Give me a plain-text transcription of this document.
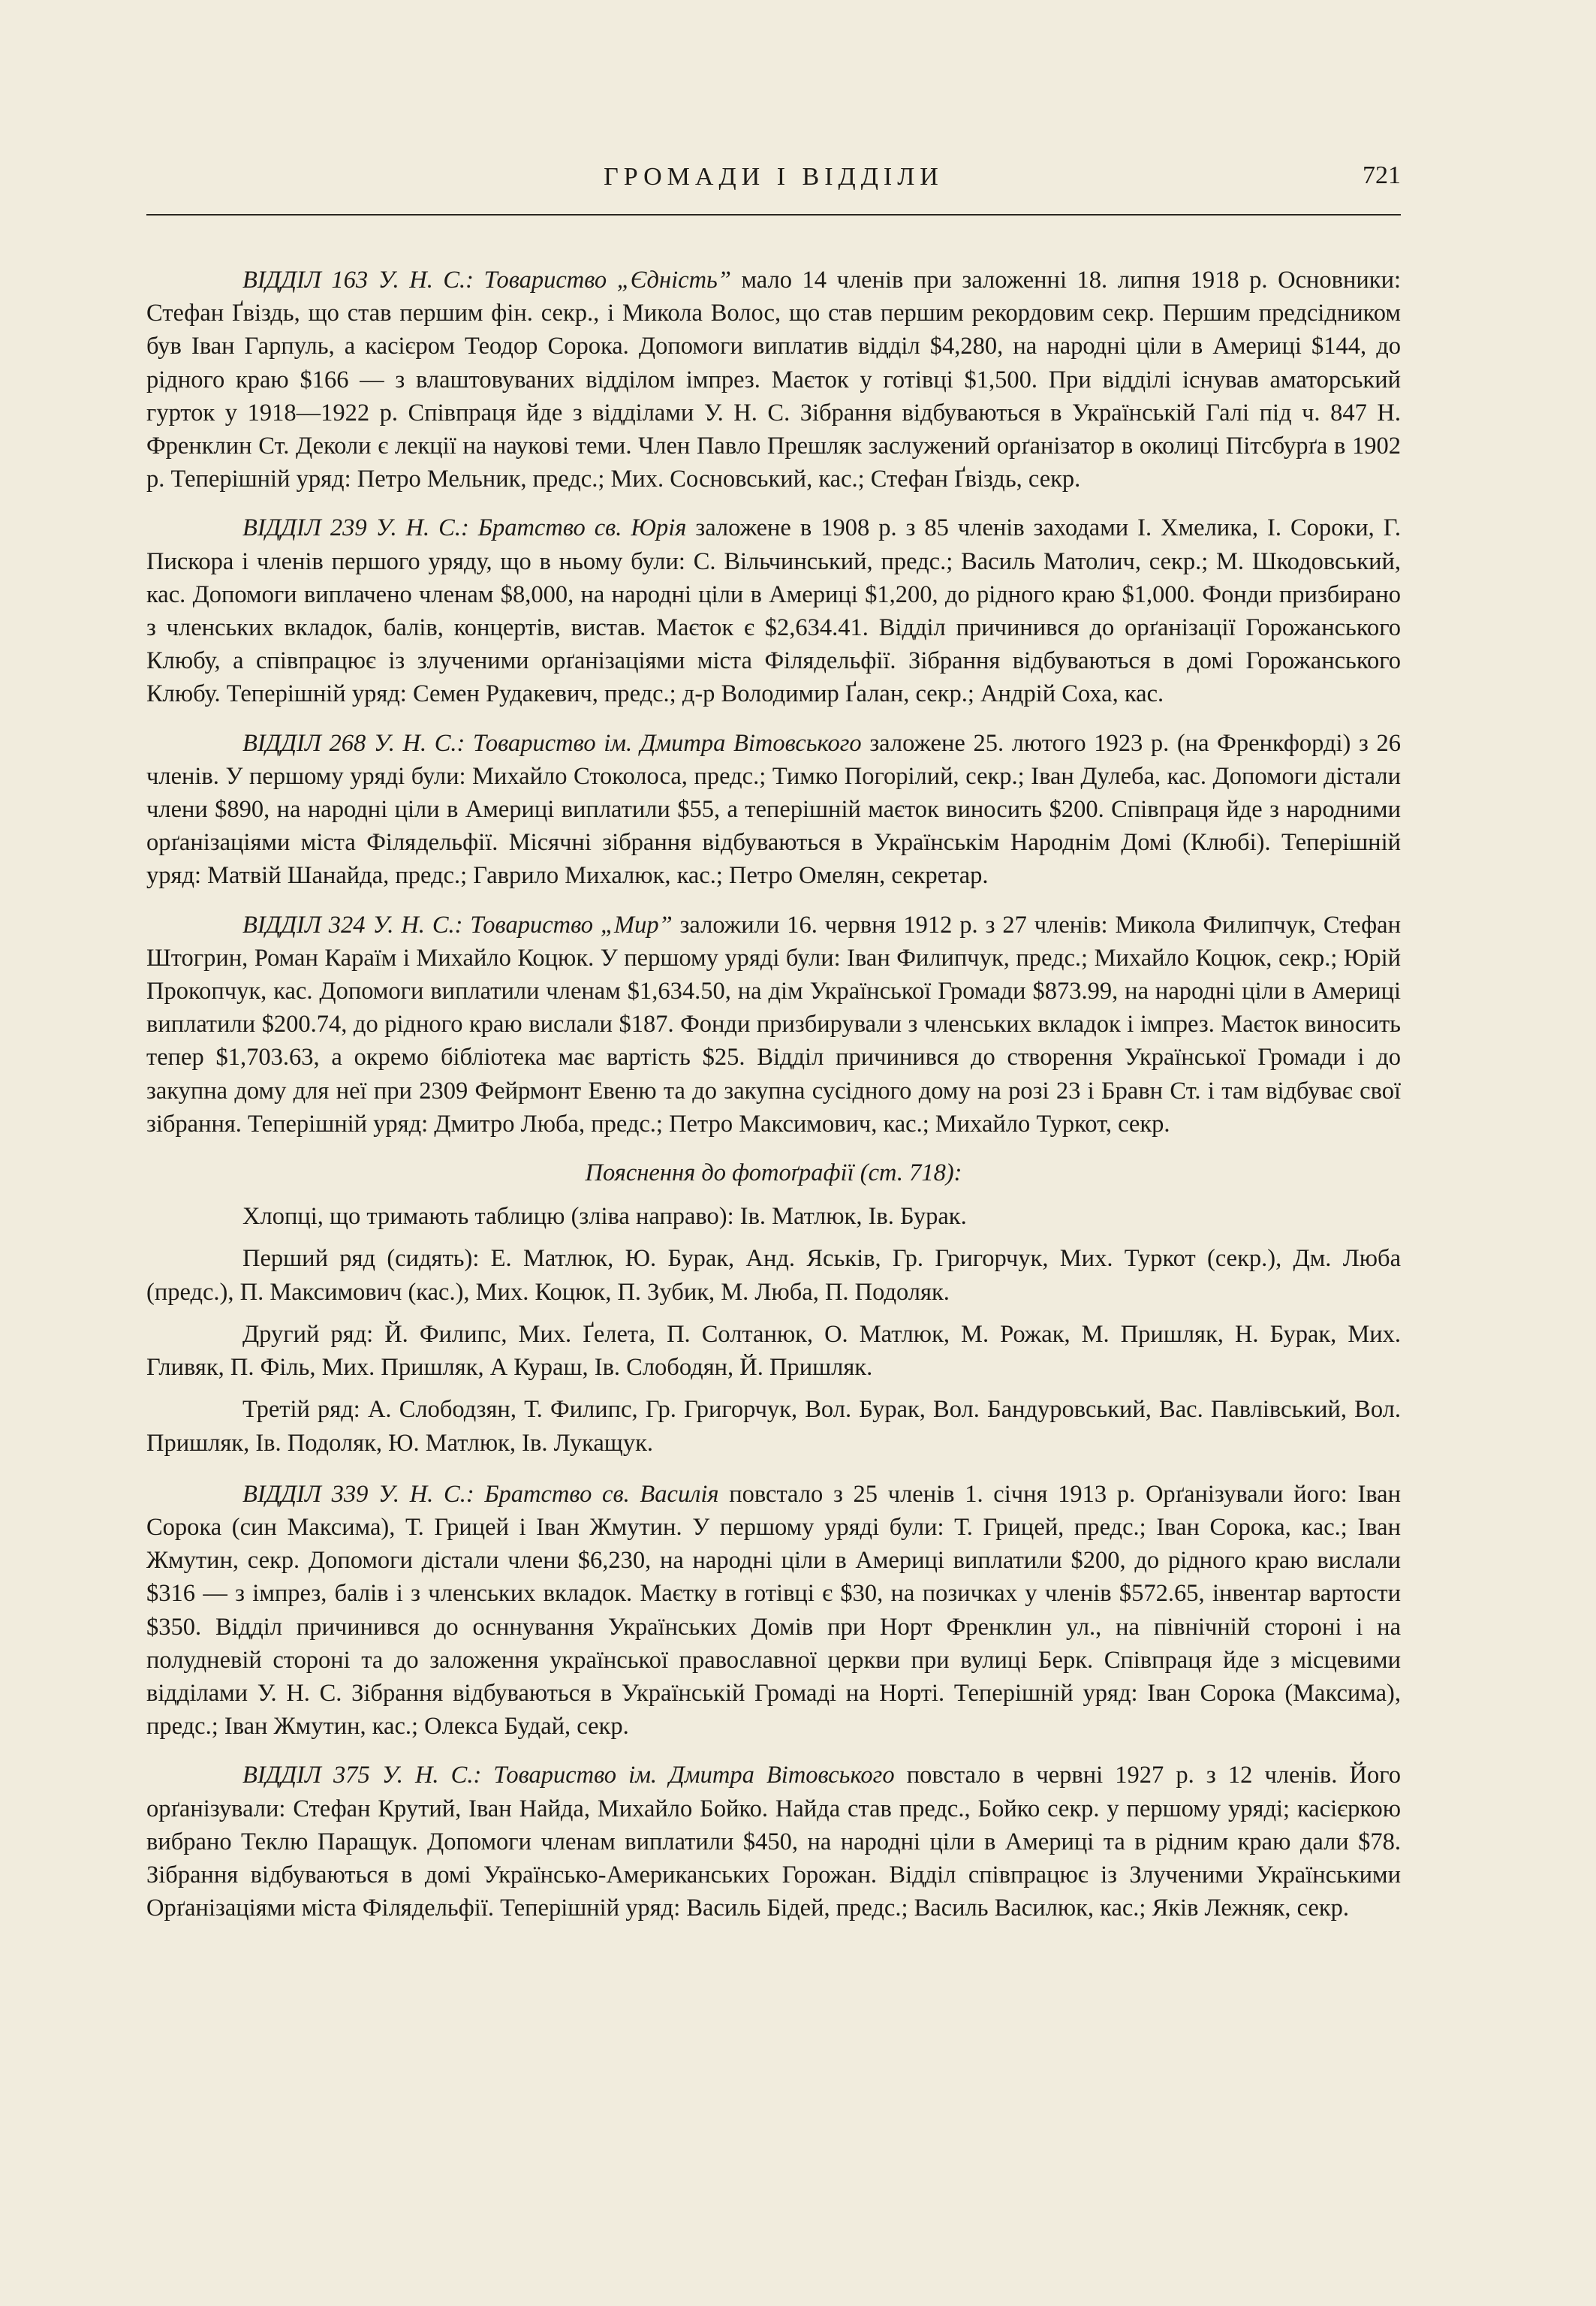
ГРОМАДИ І ВІДДІЛИ	721

ВІДДІЛ 163 У. Н. С.: Товариство „Єдність” мало 14 членів при заложенні 18. липня 1918 р. Основники: Стефан Ґвіздь, що став першим фін. секр., і Микола Волос, що став першим рекордовим секр. Першим предсідником був Іван Гарпуль, а касієром Теодор Сорока. Допомоги виплатив відділ $4,280, на народні ціли в Америці $144, до рідного краю $166 — з влаштовуваних відділом імпрез. Маєток у готівці $1,500. При відділі існував аматорський гурток у 1918—1922 р. Співпраця йде з відділами У. Н. С. Зібрання відбуваються в Українській Галі під ч. 847 Н. Френклин Ст. Деколи є лекції на наукові теми. Член Павло Прешляк заслужений орґанізатор в околиці Пітсбурґа в 1902 р. Теперішній уряд: Петро Мельник, предс.; Мих. Сосновський, кас.; Стефан Ґвіздь, секр.

ВІДДІЛ 239 У. Н. С.: Братство св. Юрія заложене в 1908 р. з 85 членів заходами І. Хмелика, І. Сороки, Г. Пискора і членів першого уряду, що в ньому були: С. Вільчинський, предс.; Василь Матолич, секр.; М. Шкодовський, кас. Допомоги виплачено членам $8,000, на народні ціли в Америці $1,200, до рідного краю $1,000. Фонди призбирано з членських вкладок, балів, концертів, вистав. Маєток є $2,634.41. Відділ причинився до орґанізації Горожанського Клюбу, а співпрацює із злученими орґанізаціями міста Філядельфії. Зібрання відбуваються в домі Горожанського Клюбу. Теперішній уряд: Семен Рудакевич, предс.; д-р Володимир Ґалан, секр.; Андрій Соха, кас.

ВІДДІЛ 268 У. Н. С.: Товариство ім. Дмитра Вітовського заложене 25. лютого 1923 р. (на Френкфорді) з 26 членів. У першому уряді були: Михайло Стоколоса, предс.; Тимко Погорілий, секр.; Іван Дулеба, кас. Допомоги дістали члени $890, на народні ціли в Америці виплатили $55, а теперішній маєток виносить $200. Співпраця йде з народними орґанізаціями міста Філядельфії. Місячні зібрання відбуваються в Українськім Народнім Домі (Клюбі). Теперішній уряд: Матвій Шанайда, предс.; Гаврило Михалюк, кас.; Петро Омелян, секретар.

ВІДДІЛ 324 У. Н. С.: Товариство „Мир” заложили 16. червня 1912 р. з 27 членів: Микола Филипчук, Стефан Штогрин, Роман Караїм і Михайло Коцюк. У першому уряді були: Іван Филипчук, предс.; Михайло Коцюк, секр.; Юрій Прокопчук, кас. Допомоги виплатили членам $1,634.50, на дім Української Громади $873.99, на народні ціли в Америці виплатили $200.74, до рідного краю вислали $187. Фонди призбирували з членських вкладок і імпрез. Маєток виносить тепер $1,703.63, а окремо бібліотека має вартість $25. Відділ причинився до створення Української Громади і до закупна дому для неї при 2309 Фейрмонт Евеню та до закупна сусідного дому на розі 23 і Бравн Ст. і там відбуває свої зібрання. Теперішній уряд: Дмитро Люба, предс.; Петро Максимович, кас.; Михайло Туркот, секр.

Пояснення до фотоґрафії (ст. 718):

Хлопці, що тримають таблицю (зліва направо): Ів. Матлюк, Ів. Бурак.

Перший ряд (сидять): Е. Матлюк, Ю. Бурак, Анд. Яськів, Гр. Григорчук, Мих. Туркот (секр.), Дм. Люба (предс.), П. Максимович (кас.), Мих. Коцюк, П. Зубик, М. Люба, П. Подоляк.

Другий ряд: Й. Филипс, Мих. Ґелета, П. Солтанюк, О. Матлюк, М. Рожак, М. Пришляк, Н. Бурак, Мих. Гливяк, П. Філь, Мих. Пришляк, А Кураш, Ів. Слободян, Й. Пришляк.

Третій ряд: А. Слободзян, Т. Филипс, Гр. Григорчук, Вол. Бурак, Вол. Бандуровський, Вас. Павлівський, Вол. Пришляк, Ів. Подоляк, Ю. Матлюк, Ів. Лукащук.

ВІДДІЛ 339 У. Н. С.: Братство св. Василія повстало з 25 членів 1. січня 1913 р. Орґанізували його: Іван Сорока (син Максима), Т. Грицей і Іван Жмутин. У першому уряді були: Т. Грицей, предс.; Іван Сорока, кас.; Іван Жмутин, секр. Допомоги дістали члени $6,230, на народні ціли в Америці виплатили $200, до рідного краю вислали $316 — з імпрез, балів і з членських вкладок. Маєтку в готівці є $30, на позичках у членів $572.65, інвентар вартости $350. Відділ причинився до осннування Українських Домів при Норт Френклин ул., на північній стороні і на полудневій стороні та до заложення української православної церкви при вулиці Берк. Співпраця йде з місцевими відділами У. Н. С. Зібрання відбуваються в Українській Громаді на Норті. Теперішній уряд: Іван Сорока (Максима), предс.; Іван Жмутин, кас.; Олекса Будай, секр.

ВІДДІЛ 375 У. Н. С.: Товариство ім. Дмитра Вітовського повстало в червні 1927 р. з 12 членів. Його орґанізували: Стефан Крутий, Іван Найда, Михайло Бойко. Найда став предс., Бойко секр. у першому уряді; касієркою вибрано Теклю Паращук. Допомоги членам виплатили $450, на народні ціли в Америці та в рідним краю дали $78. Зібрання відбуваються в домі Українсько-Американських Горожан. Відділ співпрацює із Злученими Українськими Орґанізаціями міста Філядельфії. Теперішній уряд: Василь Бідей, предс.; Василь Василюк, кас.; Яків Лежняк, секр.
